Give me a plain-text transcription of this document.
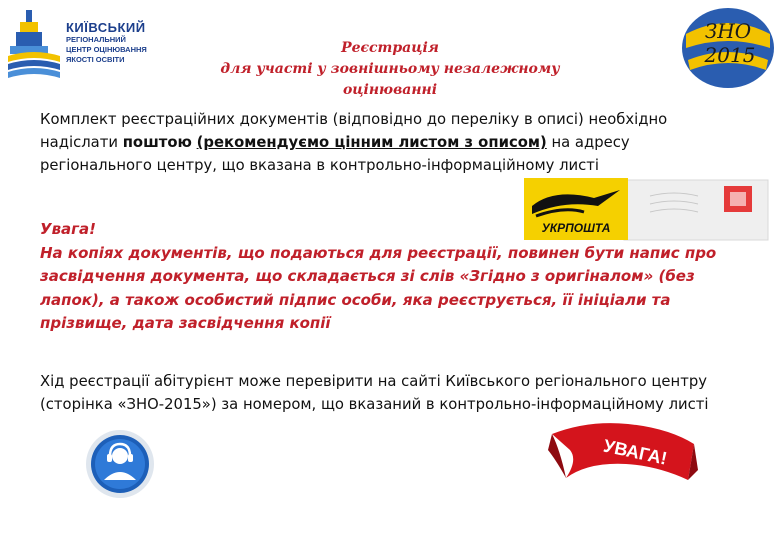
КИЇВСЬКИЙ
РЕГІОНАЛЬНИЙ
ЦЕНТР ОЦІНЮВАННЯ
ЯКОСТІ ОСВІТИ
ЗНО
2015
Реєстрація
для участі у зовнішньому незалежному
оцінюванні
Комплект реєстраційних документів (відповідно до переліку в описі) необхідно надіслати поштою (рекомендуємо цінним листом з описом) на адресу регіонального центру, що вказана в контрольно-інформаційному листі
УКРПОШТА
Увага!
На копіях документів, що подаються для реєстрації, повинен бути напис про засвідчення документа, що складається зі слів «Згідно з оригіналом» (без лапок), а також особистий підпис особи, яка реєструється, її ініціали та прізвище, дата засвідчення копії
Хід реєстрації абітурієнт може перевірити на сайті Київського регіонального центру (сторінка «ЗНО-2015») за номером, що вказаний в контрольно-інформаційному листі
УВАГА!
